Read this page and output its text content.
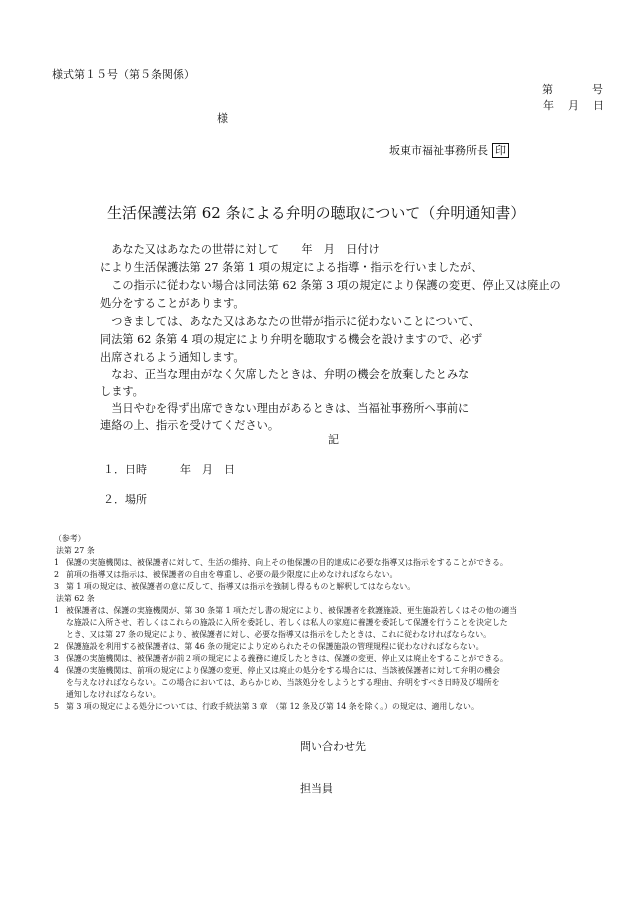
様式第１５号（第５条関係）
第	号
年 月 日
様
坂東市福祉事務所長 印
生活保護法第 62 条による弁明の聴取について（弁明通知書）
　あなた又はあなたの世帯に対して　　年　月　日付け
により生活保護法第 27 条第 1 項の規定による指導・指示を行いましたが、
　この指示に従わない場合は同法第 62 条第 3 項の規定により保護の変更、停止又は廃止の
処分をすることがあります。
　つきましては、あなた又はあなたの世帯が指示に従わないことについて、
同法第 62 条第 4 項の規定により弁明を聴取する機会を設けますので、必ず
出席されるよう通知します。
　なお、正当な理由がなく欠席したときは、弁明の機会を放棄したとみな
します。
　当日やむを得ず出席できない理由があるときは、当福祉事務所へ事前に
連絡の上、指示を受けてください。
記
１．日時　　　年　月　日
２．場所
（参考）
法第 27 条
1 保護の実施機関は、被保護者に対して、生活の維持、向上その他保護の目的達成に必要な指導又は指示をすることができる。
2 前項の指導又は指示は、被保護者の自由を尊重し、必要の最少限度に止めなければならない。
3 第 1 項の規定は、被保護者の意に反して、指導又は指示を強制し得るものと解釈してはならない。
法第 62 条
1 被保護者は、保護の実施機関が、第 30 条第 1 項ただし書の規定により、被保護者を救護施設、更生施設若しくはその他の適当
な施設に入所させ、若しくはこれらの施設に入所を委託し、若しくは私人の家庭に養護を委託して保護を行うことを決定した
とき、又は第 27 条の規定により、被保護者に対し、必要な指導又は指示をしたときは、これに従わなければならない。
2 保護施設を利用する被保護者は、第 46 条の規定により定められたその保護施設の管理規程に従わなければならない。
3 保護の実施機関は、被保護者が前２項の規定による義務に違反したときは、保護の変更、停止又は廃止をすることができる。
4 保護の実施機関は、前項の規定により保護の変更、停止又は廃止の処分をする場合には、当該被保護者に対して弁明の機会
を与えなければならない。この場合においては、あらかじめ、当該処分をしようとする理由、弁明をすべき日時及び場所を
通知しなければならない。
5 第 3 項の規定による処分については、行政手続法第 3 章　（第 12 条及び第 14 条を除く。）の規定は、適用しない。
問い合わせ先
担当員
